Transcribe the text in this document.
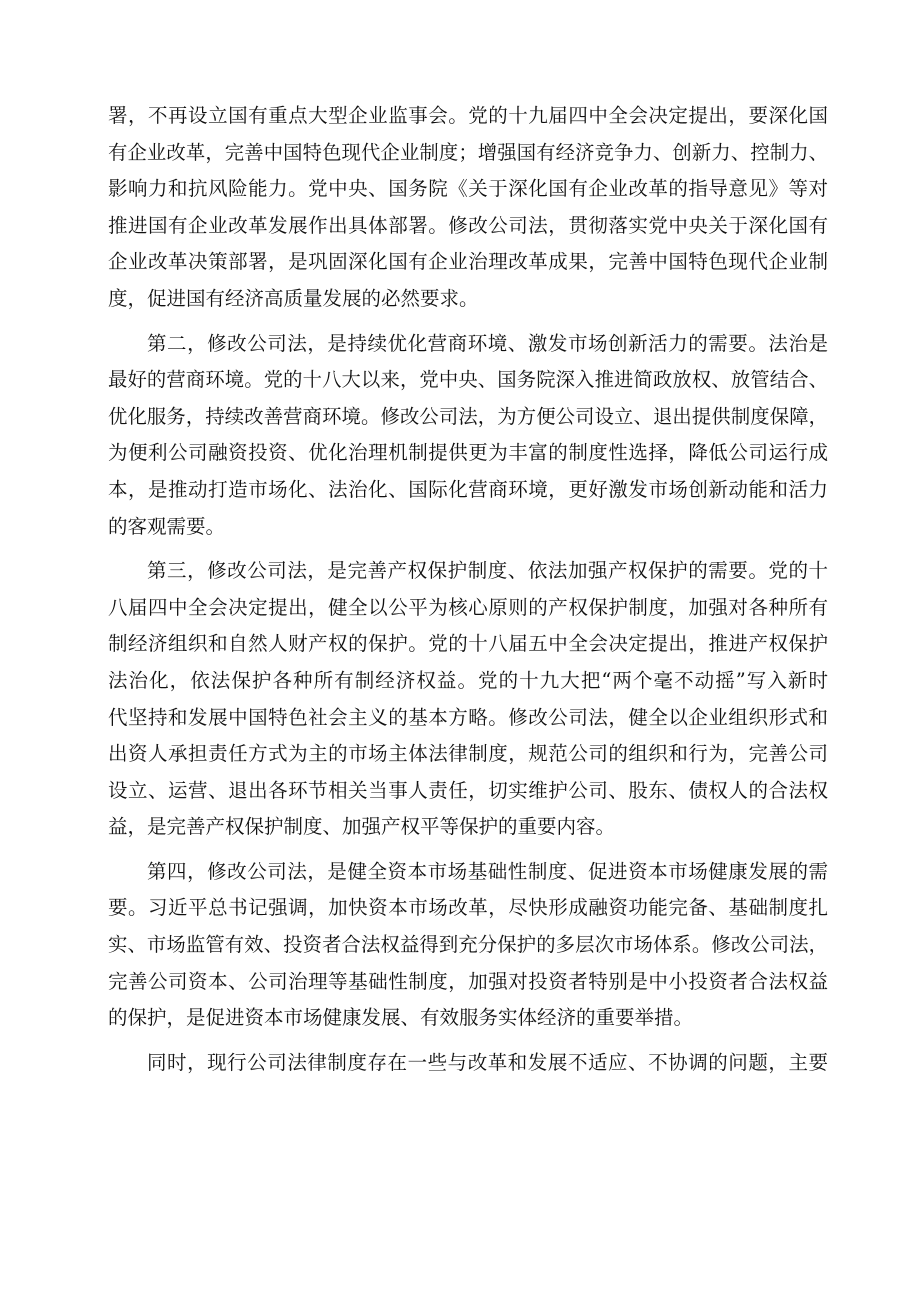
署，不再设立国有重点大型企业监事会。党的十九届四中全会决定提出，要深化国
有企业改革，完善中国特色现代企业制度；增强国有经济竞争力、创新力、控制力、
影响力和抗风险能力。党中央、国务院《关于深化国有企业改革的指导意见》等对
推进国有企业改革发展作出具体部署。修改公司法，贯彻落实党中央关于深化国有
企业改革决策部署，是巩固深化国有企业治理改革成果，完善中国特色现代企业制
度，促进国有经济高质量发展的必然要求。
第二，修改公司法，是持续优化营商环境、激发市场创新活力的需要。法治是
最好的营商环境。党的十八大以来，党中央、国务院深入推进简政放权、放管结合、
优化服务，持续改善营商环境。修改公司法，为方便公司设立、退出提供制度保障，
为便利公司融资投资、优化治理机制提供更为丰富的制度性选择，降低公司运行成
本，是推动打造市场化、法治化、国际化营商环境，更好激发市场创新动能和活力
的客观需要。
第三，修改公司法，是完善产权保护制度、依法加强产权保护的需要。党的十
八届四中全会决定提出，健全以公平为核心原则的产权保护制度，加强对各种所有
制经济组织和自然人财产权的保护。党的十八届五中全会决定提出，推进产权保护
法治化，依法保护各种所有制经济权益。党的十九大把“两个毫不动摇”写入新时
代坚持和发展中国特色社会主义的基本方略。修改公司法，健全以企业组织形式和
出资人承担责任方式为主的市场主体法律制度，规范公司的组织和行为，完善公司
设立、运营、退出各环节相关当事人责任，切实维护公司、股东、债权人的合法权
益，是完善产权保护制度、加强产权平等保护的重要内容。
第四，修改公司法，是健全资本市场基础性制度、促进资本市场健康发展的需
要。习近平总书记强调，加快资本市场改革，尽快形成融资功能完备、基础制度扎
实、市场监管有效、投资者合法权益得到充分保护的多层次市场体系。修改公司法，
完善公司资本、公司治理等基础性制度，加强对投资者特别是中小投资者合法权益
的保护，是促进资本市场健康发展、有效服务实体经济的重要举措。
同时，现行公司法律制度存在一些与改革和发展不适应、不协调的问题，主要
